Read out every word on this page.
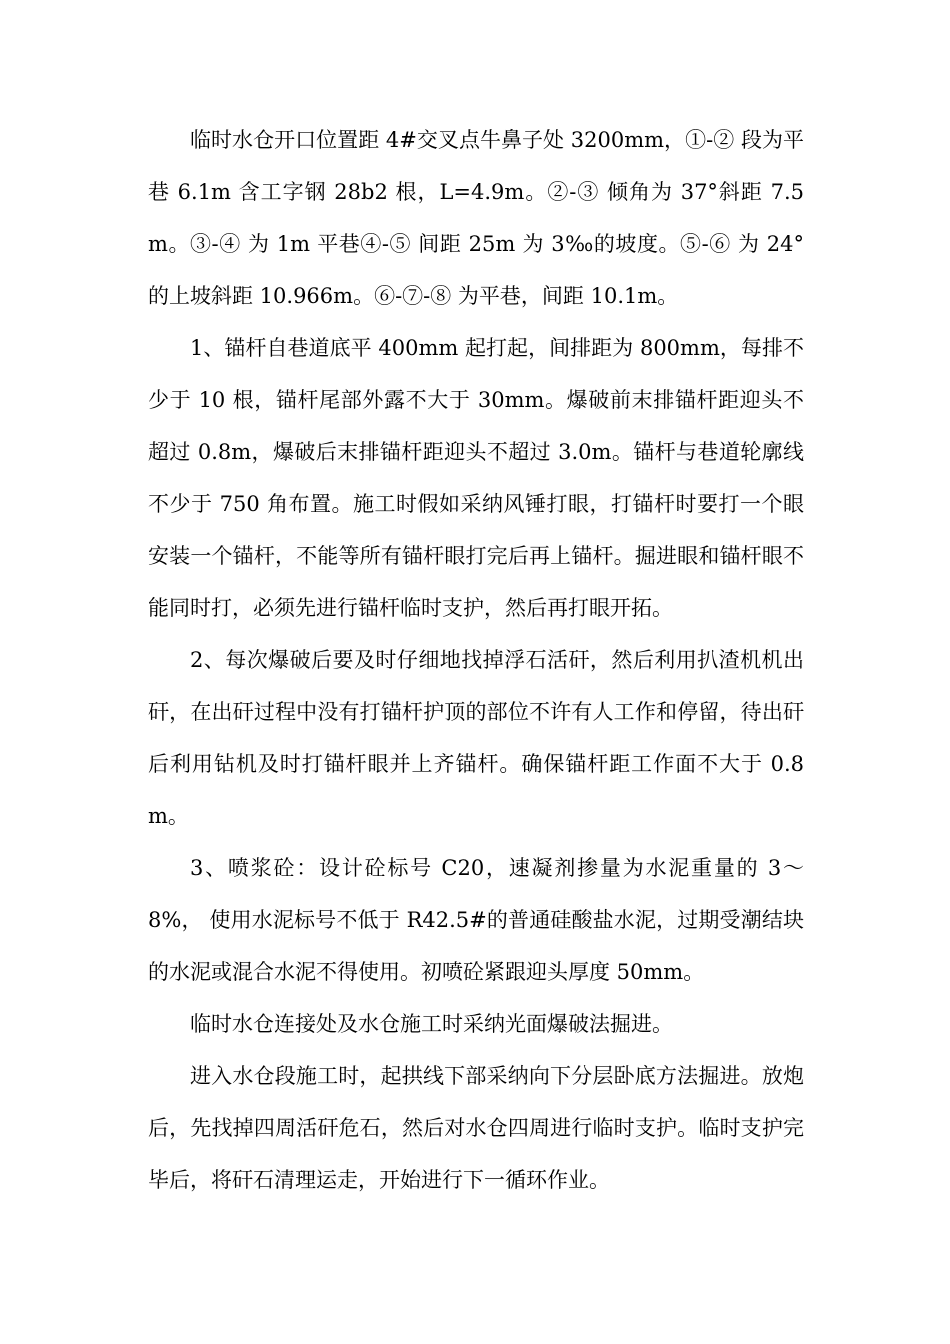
临时水仓开口位置距 4#交叉点牛鼻子处 3200mm，①-② 段为平巷 6.1m 含工字钢 28b2 根，L=4.9m。②-③ 倾角为 37°斜距 7.5m。③-④ 为 1m 平巷④-⑤ 间距 25m 为 3‰的坡度。⑤-⑥ 为 24°的上坡斜距 10.966m。⑥-⑦-⑧ 为平巷，间距 10.1m。

1、锚杆自巷道底平 400mm 起打起，间排距为 800mm，每排不少于 10 根，锚杆尾部外露不大于 30mm。爆破前末排锚杆距迎头不超过 0.8m，爆破后末排锚杆距迎头不超过 3.0m。锚杆与巷道轮廓线不少于 750 角布置。施工时假如采纳风锤打眼，打锚杆时要打一个眼安装一个锚杆，不能等所有锚杆眼打完后再上锚杆。掘进眼和锚杆眼不能同时打，必须先进行锚杆临时支护，然后再打眼开拓。

2、每次爆破后要及时仔细地找掉浮石活矸，然后利用扒渣机机出矸，在出矸过程中没有打锚杆护顶的部位不许有人工作和停留，待出矸后利用钻机及时打锚杆眼并上齐锚杆。确保锚杆距工作面不大于 0.8m。

3、喷浆砼：设计砼标号 C20，速凝剂掺量为水泥重量的 3～8%， 使用水泥标号不低于 R42.5#的普通硅酸盐水泥，过期受潮结块的水泥或混合水泥不得使用。初喷砼紧跟迎头厚度 50mm。

临时水仓连接处及水仓施工时采纳光面爆破法掘进。

进入水仓段施工时，起拱线下部采纳向下分层卧底方法掘进。放炮后，先找掉四周活矸危石，然后对水仓四周进行临时支护。临时支护完毕后，将矸石清理运走，开始进行下一循环作业。
